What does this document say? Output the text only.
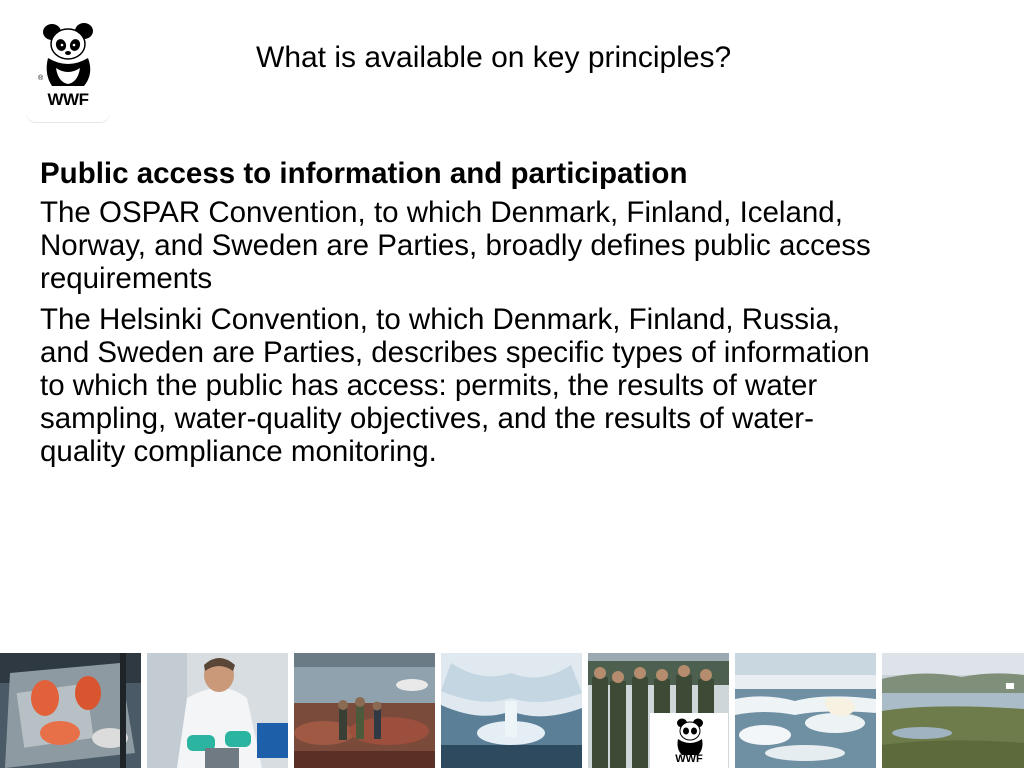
®
WWF
What is available on key principles?

Public access to information and participation

The OSPAR Convention, to which Denmark, Finland, Iceland, Norway, and Sweden are Parties, broadly defines public access requirements

The Helsinki Convention, to which Denmark, Finland, Russia, and Sweden are Parties, describes specific types of information to which the public has access: permits, the results of water sampling, water-quality objectives, and the results of water-quality compliance monitoring.

WWF
